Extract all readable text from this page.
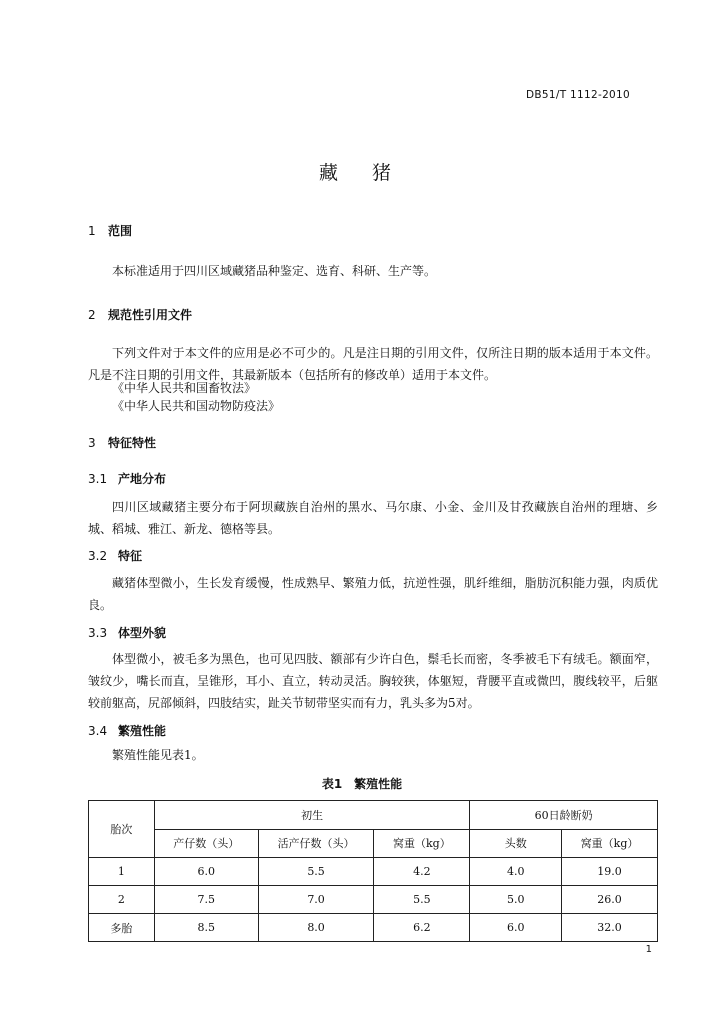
DB51/T 1112-2010
藏 猪
1 范围
本标准适用于四川区域藏猪品种鉴定、选育、科研、生产等。
2 规范性引用文件
下列文件对于本文件的应用是必不可少的。凡是注日期的引用文件，仅所注日期的版本适用于本文件。凡是不注日期的引用文件，其最新版本（包括所有的修改单）适用于本文件。
《中华人民共和国畜牧法》
《中华人民共和国动物防疫法》
3 特征特性
3.1 产地分布
四川区域藏猪主要分布于阿坝藏族自治州的黑水、马尔康、小金、金川及甘孜藏族自治州的理塘、乡城、稻城、雅江、新龙、德格等县。
3.2 特征
藏猪体型微小，生长发育缓慢，性成熟早、繁殖力低，抗逆性强，肌纤维细，脂肪沉积能力强，肉质优良。
3.3 体型外貌
体型微小，被毛多为黑色，也可见四肢、额部有少许白色，鬃毛长而密，冬季被毛下有绒毛。额面窄，皱纹少，嘴长而直，呈锥形，耳小、直立，转动灵活。胸较狭，体躯短，背腰平直或微凹，腹线较平，后躯较前躯高，尻部倾斜，四肢结实，趾关节韧带坚实而有力，乳头多为5对。
3.4 繁殖性能
繁殖性能见表1。
表1　繁殖性能
胎次	初生			60日龄断奶	
	产仔数（头）	活产仔数（头）	窝重（kg）	头数	窝重（kg）
1	6.0	5.5	4.2	4.0	19.0
2	7.5	7.0	5.5	5.0	26.0
多胎	8.5	8.0	6.2	6.0	32.0
1
